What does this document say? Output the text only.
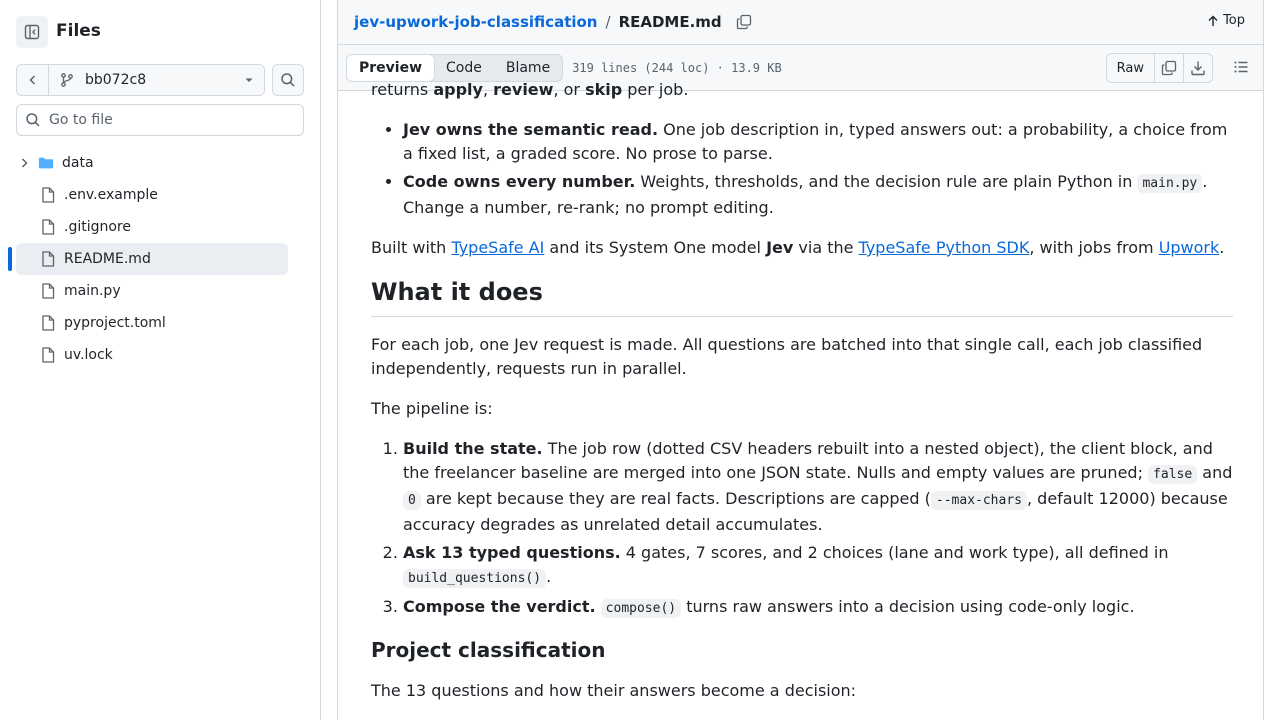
Files
bb072c8
Go to file
data
.env.example
.gitignore
README.md
main.py
pyproject.toml
uv.lock
jev-upwork-job-classification / README.md	Top
Preview	Code	Blame	319 lines (244 loc) · 13.9 KB	Raw

returns apply, review, or skip per job.

• Jev owns the semantic read. One job description in, typed answers out: a probability, a choice from a fixed list, a graded score. No prose to parse.
• Code owns every number. Weights, thresholds, and the decision rule are plain Python in main.py . Change a number, re-rank; no prompt editing.

Built with TypeSafe AI and its System One model Jev via the TypeSafe Python SDK, with jobs from Upwork.

What it does

For each job, one Jev request is made. All questions are batched into that single call, each job classified independently, requests run in parallel.

The pipeline is:

1. Build the state. The job row (dotted CSV headers rebuilt into a nested object), the client block, and the freelancer baseline are merged into one JSON state. Nulls and empty values are pruned; false and 0 are kept because they are real facts. Descriptions are capped ( --max-chars , default 12000) because accuracy degrades as unrelated detail accumulates.
2. Ask 13 typed questions. 4 gates, 7 scores, and 2 choices (lane and work type), all defined in build_questions() .
3. Compose the verdict. compose() turns raw answers into a decision using code-only logic.
Project classification

The 13 questions and how their answers become a decision:
